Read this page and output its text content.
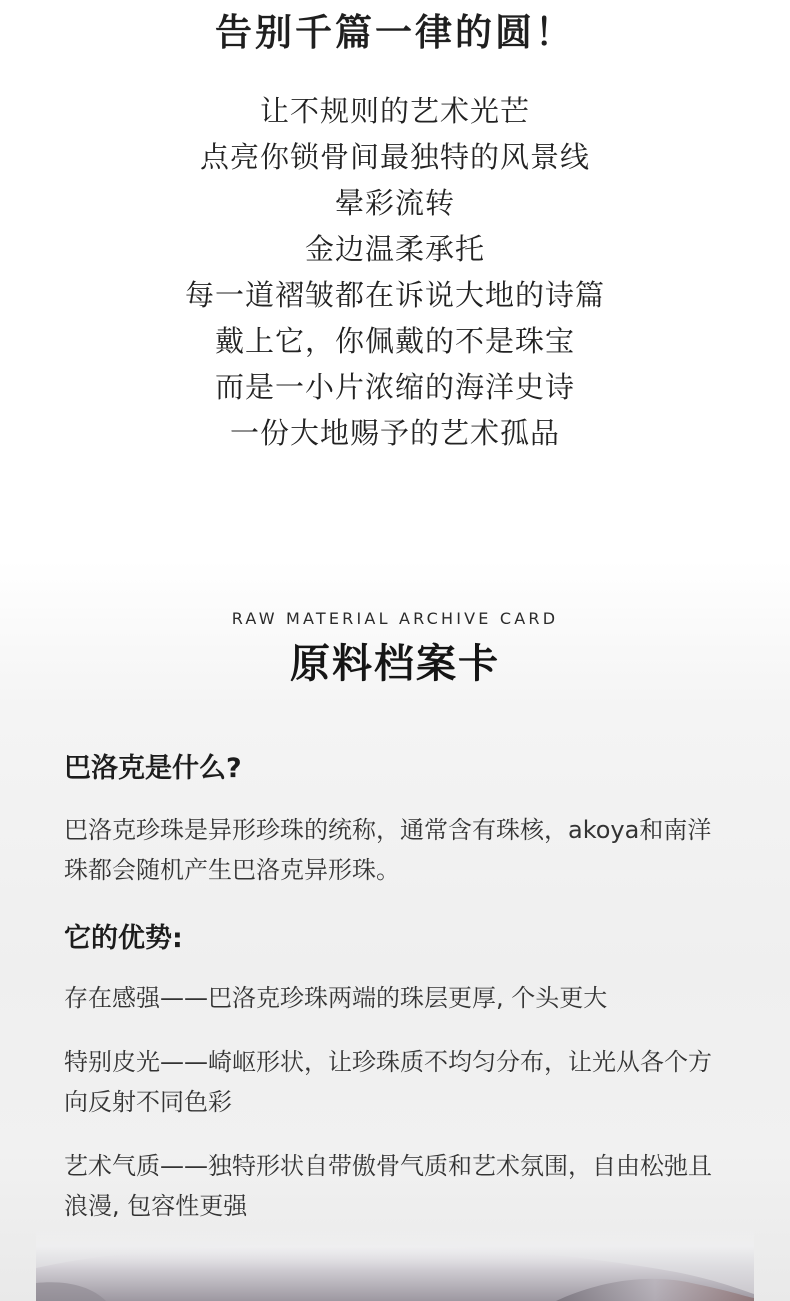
告别千篇一律的圆！
让不规则的艺术光芒
点亮你锁骨间最独特的风景线
晕彩流转
金边温柔承托
每一道褶皱都在诉说大地的诗篇
戴上它，你佩戴的不是珠宝
而是一小片浓缩的海洋史诗
一份大地赐予的艺术孤品
RAW MATERIAL ARCHIVE CARD
原料档案卡
巴洛克是什么?

巴洛克珍珠是异形珍珠的统称，通常含有珠核，akoya和南洋珠都会随机产生巴洛克异形珠。

它的优势:

存在感强——巴洛克珍珠两端的珠层更厚, 个头更大

特别皮光——崎岖形状，让珍珠质不均匀分布，让光从各个方向反射不同色彩

艺术气质——独特形状自带傲骨气质和艺术氛围，自由松弛且浪漫, 包容性更强
